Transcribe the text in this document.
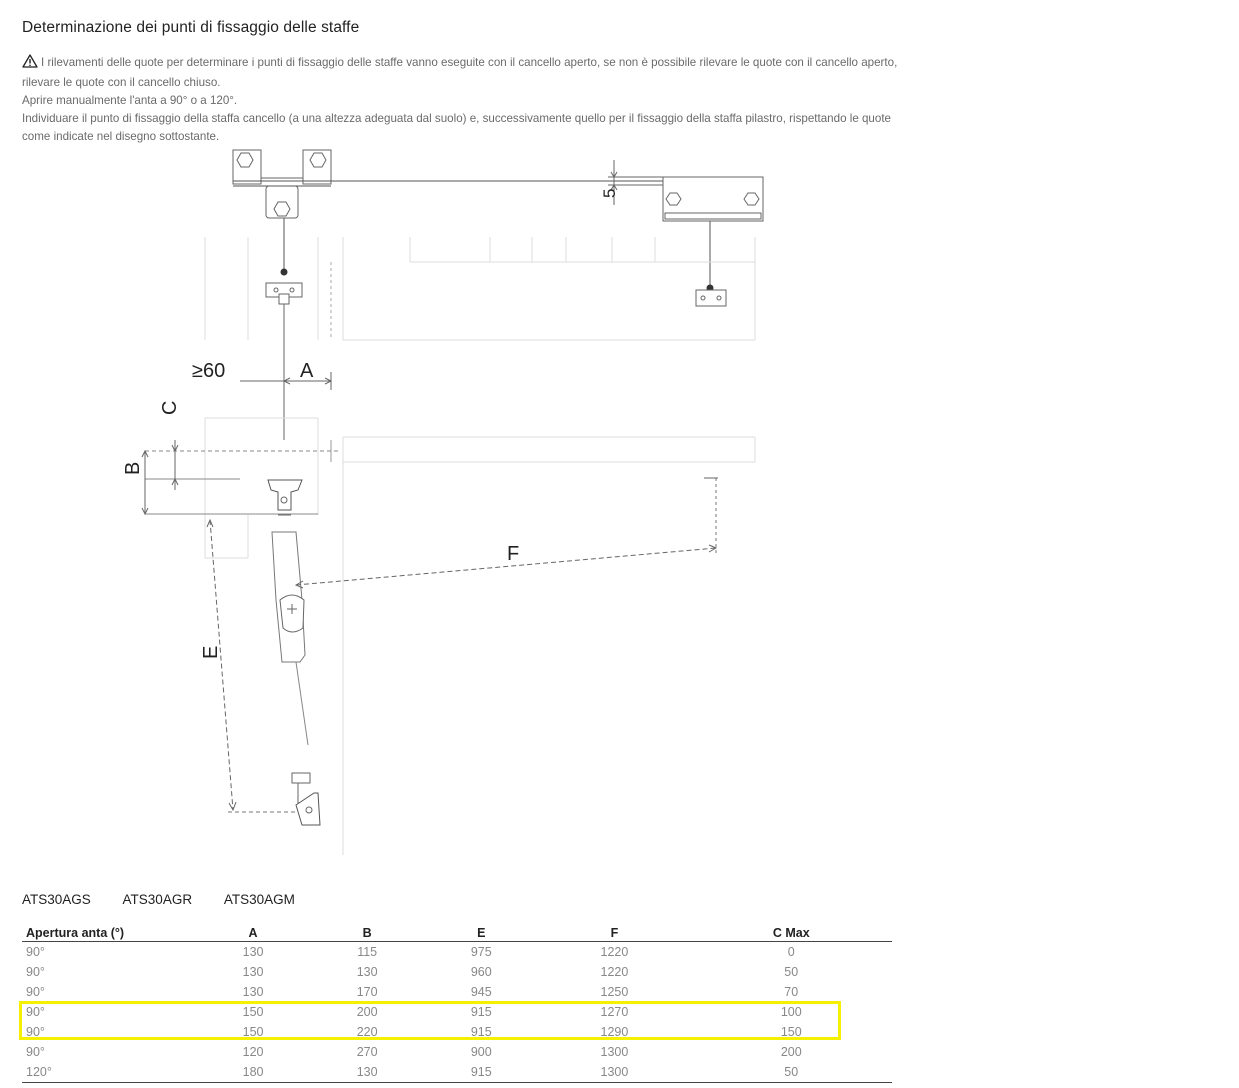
Determinazione dei punti di fissaggio delle staffe

I rilevamenti delle quote per determinare i punti di fissaggio delle staffe vanno eseguite con il cancello aperto, se non è possibile rilevare le quote con il cancello aperto, rilevare le quote con il cancello chiuso.

Aprire manualmente l'anta a 90° o a 120°.

Individuare il punto di fissaggio della staffa cancello (a una altezza adeguata dal suolo) e, successivamente quello per il fissaggio della staffa pilastro, rispettando le quote come indicate nel disegno sottostante.

5
≥60	A
C
B
F
E
ATS30AGS ATS30AGR ATS30AGM
Apertura anta (°)	A	B	E	F	C Max
90°	130	115	975	1220	0
90°	130	130	960	1220	50
90°	130	170	945	1250	70
90°	150	200	915	1270	100
90°	150	220	915	1290	150
90°	120	270	900	1300	200
120°	180	130	915	1300	50
